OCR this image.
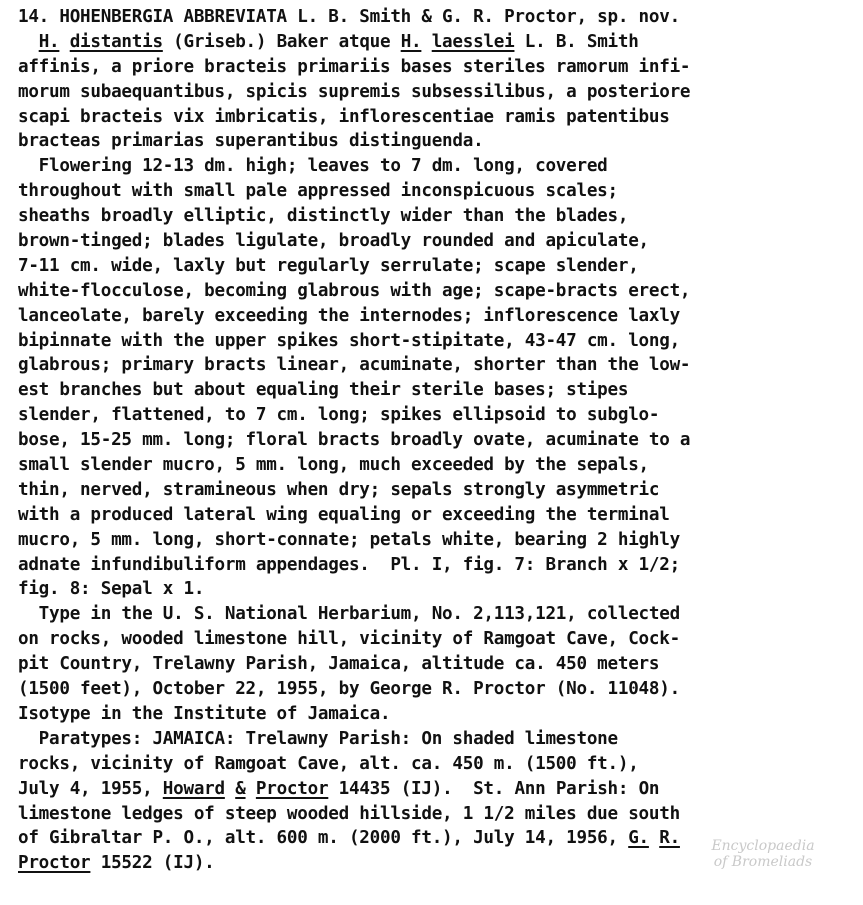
14. HOHENBERGIA ABBREVIATA L. B. Smith & G. R. Proctor, sp. nov.
H. distantis (Griseb.) Baker atque H. laesslei L. B. Smith
affinis, a priore bracteis primariis bases steriles ramorum infi-
morum subaequantibus, spicis supremis subsessilibus, a posteriore
scapi bracteis vix imbricatis, inflorescentiae ramis patentibus
bracteas primarias superantibus distinguenda.
Flowering 12-13 dm. high; leaves to 7 dm. long, covered
throughout with small pale appressed inconspicuous scales;
sheaths broadly elliptic, distinctly wider than the blades,
brown-tinged; blades ligulate, broadly rounded and apiculate,
7-11 cm. wide, laxly but regularly serrulate; scape slender,
white-flocculose, becoming glabrous with age; scape-bracts erect,
lanceolate, barely exceeding the internodes; inflorescence laxly
bipinnate with the upper spikes short-stipitate, 43-47 cm. long,
glabrous; primary bracts linear, acuminate, shorter than the low-
est branches but about equaling their sterile bases; stipes
slender, flattened, to 7 cm. long; spikes ellipsoid to subglo-
bose, 15-25 mm. long; floral bracts broadly ovate, acuminate to a
small slender mucro, 5 mm. long, much exceeded by the sepals,
thin, nerved, stramineous when dry; sepals strongly asymmetric
with a produced lateral wing equaling or exceeding the terminal
mucro, 5 mm. long, short-connate; petals white, bearing 2 highly
adnate infundibuliform appendages.  Pl. I, fig. 7: Branch x 1/2;
fig. 8: Sepal x 1.
Type in the U. S. National Herbarium, No. 2,113,121, collected
on rocks, wooded limestone hill, vicinity of Ramgoat Cave, Cock-
pit Country, Trelawny Parish, Jamaica, altitude ca. 450 meters
(1500 feet), October 22, 1955, by George R. Proctor (No. 11048).
Isotype in the Institute of Jamaica.
Paratypes: JAMAICA: Trelawny Parish: On shaded limestone
rocks, vicinity of Ramgoat Cave, alt. ca. 450 m. (1500 ft.),
July 4, 1955, Howard & Proctor 14435 (IJ).  St. Ann Parish: On
limestone ledges of steep wooded hillside, 1 1/2 miles due south
of Gibraltar P. O., alt. 600 m. (2000 ft.), July 14, 1956, G. R.
Proctor 15522 (IJ).
Encyclopaedia
of Bromeliads
